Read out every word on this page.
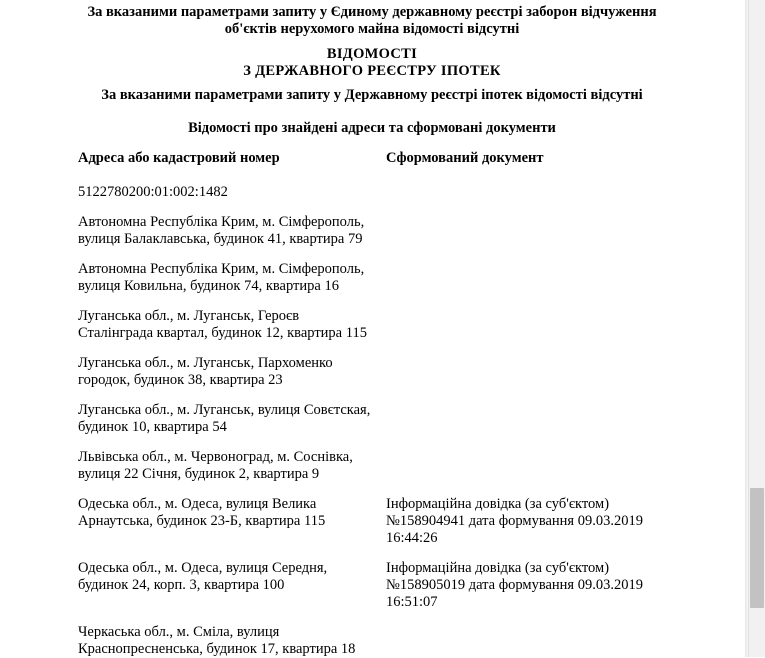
За вказаними параметрами запиту у Єдиному державному реєстрі заборон відчуження об'єктів нерухомого майна відомості відсутні
ВІДОМОСТІ
З ДЕРЖАВНОГО РЕЄСТРУ ІПОТЕК
За вказаними параметрами запиту у Державному реєстрі іпотек відомості відсутні
Відомості про знайдені адреси та сформовані документи
Адреса або кадастровий номер	Сформований документ
5122780200:01:002:1482
Автономна Республіка Крим, м. Сімферополь,
вулиця Балаклавська, будинок 41, квартира 79
Автономна Республіка Крим, м. Сімферополь,
вулиця Ковильна, будинок 74, квартира 16
Луганська обл., м. Луганськ, Героєв
Сталінграда квартал, будинок 12, квартира 115
Луганська обл., м. Луганськ, Пархоменко
городок, будинок 38, квартира 23
Луганська обл., м. Луганськ, вулиця Совєтская,
будинок 10, квартира 54
Львівська обл., м. Червоноград, м. Соснівка,
вулиця 22 Січня, будинок 2, квартира 9
Одеська обл., м. Одеса, вулиця Велика
Арнаутська, будинок 23-Б, квартира 115
Інформаційна довідка (за суб'єктом)
№158904941 дата формування 09.03.2019
16:44:26
Одеська обл., м. Одеса, вулиця Середня,
будинок 24, корп. 3, квартира 100
Інформаційна довідка (за суб'єктом)
№158905019 дата формування 09.03.2019
16:51:07
Черкаська обл., м. Сміла, вулиця
Краснопресненська, будинок 17, квартира 18
